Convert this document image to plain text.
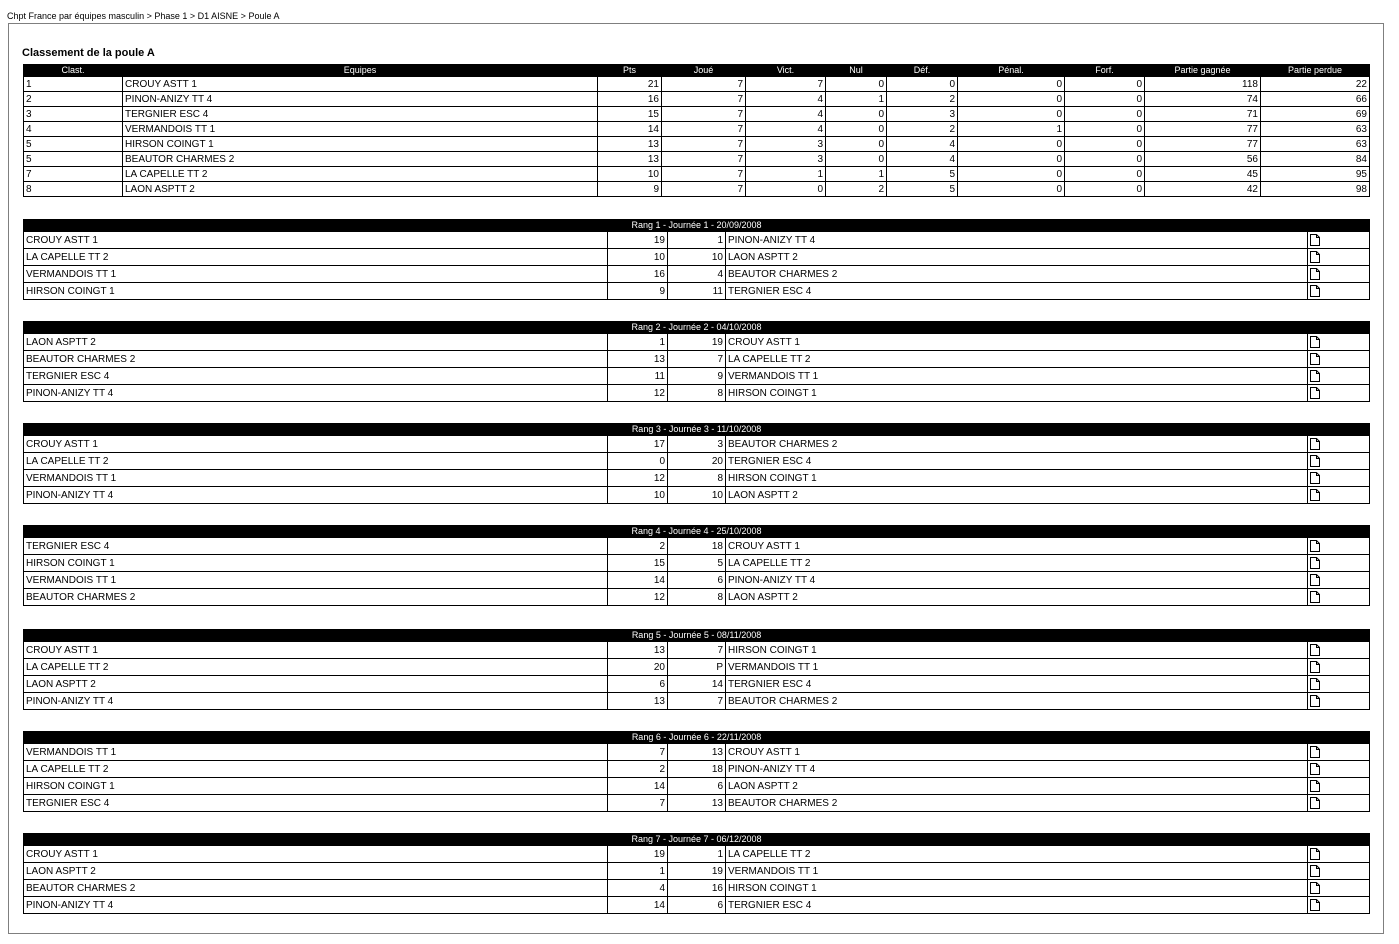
Chpt France par équipes masculin > Phase 1 > D1 AISNE > Poule A
Classement de la poule A
Clast.	Equipes	Pts	Joué	Vict.	Nul	Déf.	Pénal.	Forf.	Partie gagnée	Partie perdue
1	CROUY ASTT 1	21	7	7	0	0	0	0	118	22
2	PINON-ANIZY TT 4	16	7	4	1	2	0	0	74	66
3	TERGNIER ESC 4	15	7	4	0	3	0	0	71	69
4	VERMANDOIS TT 1	14	7	4	0	2	1	0	77	63
5	HIRSON COINGT 1	13	7	3	0	4	0	0	77	63
5	BEAUTOR CHARMES 2	13	7	3	0	4	0	0	56	84
7	LA CAPELLE TT 2	10	7	1	1	5	0	0	45	95
8	LAON ASPTT 2	9	7	0	2	5	0	0	42	98
Rang 1 - Journée 1 - 20/09/2008				
CROUY ASTT 1	19	1	PINON-ANIZY TT 4	

LA CAPELLE TT 2	10	10	LAON ASPTT 2	

VERMANDOIS TT 1	16	4	BEAUTOR CHARMES 2	

HIRSON COINGT 1	9	11	TERGNIER ESC 4	
Rang 2 - Journée 2 - 04/10/2008				
LAON ASPTT 2	1	19	CROUY ASTT 1	

BEAUTOR CHARMES 2	13	7	LA CAPELLE TT 2	

TERGNIER ESC 4	11	9	VERMANDOIS TT 1	

PINON-ANIZY TT 4	12	8	HIRSON COINGT 1	
Rang 3 - Journée 3 - 11/10/2008				
CROUY ASTT 1	17	3	BEAUTOR CHARMES 2	

LA CAPELLE TT 2	0	20	TERGNIER ESC 4	

VERMANDOIS TT 1	12	8	HIRSON COINGT 1	

PINON-ANIZY TT 4	10	10	LAON ASPTT 2	
Rang 4 - Journée 4 - 25/10/2008				
TERGNIER ESC 4	2	18	CROUY ASTT 1	

HIRSON COINGT 1	15	5	LA CAPELLE TT 2	

VERMANDOIS TT 1	14	6	PINON-ANIZY TT 4	

BEAUTOR CHARMES 2	12	8	LAON ASPTT 2	
Rang 5 - Journée 5 - 08/11/2008				
CROUY ASTT 1	13	7	HIRSON COINGT 1	

LA CAPELLE TT 2	20	P	VERMANDOIS TT 1	

LAON ASPTT 2	6	14	TERGNIER ESC 4	

PINON-ANIZY TT 4	13	7	BEAUTOR CHARMES 2	
Rang 6 - Journée 6 - 22/11/2008				
VERMANDOIS TT 1	7	13	CROUY ASTT 1	

LA CAPELLE TT 2	2	18	PINON-ANIZY TT 4	

HIRSON COINGT 1	14	6	LAON ASPTT 2	

TERGNIER ESC 4	7	13	BEAUTOR CHARMES 2	
Rang 7 - Journée 7 - 06/12/2008				
CROUY ASTT 1	19	1	LA CAPELLE TT 2	

LAON ASPTT 2	1	19	VERMANDOIS TT 1	

BEAUTOR CHARMES 2	4	16	HIRSON COINGT 1	

PINON-ANIZY TT 4	14	6	TERGNIER ESC 4	
